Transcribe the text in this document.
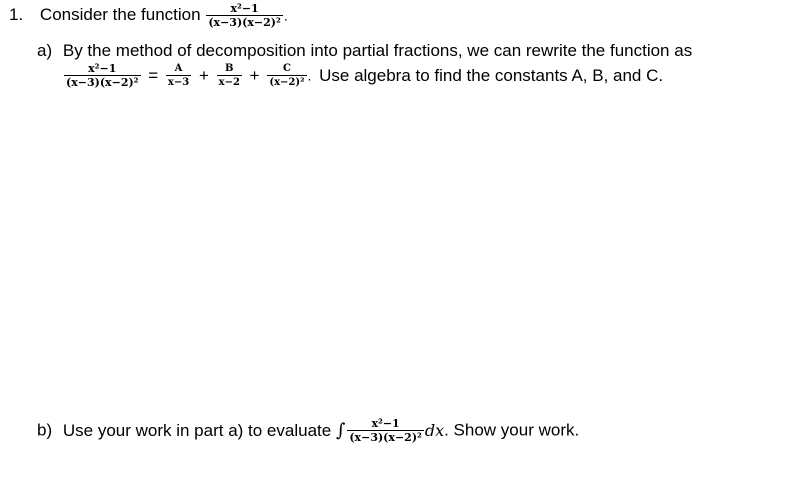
1. Consider the function $\frac{\text{x²−1}}{\text{(x−3)(x−2)²}}$ .
a) By the method of decomposition into partial fractions, we can rewrite the function as
$\frac{\text{x²−1}}{\text{(x−3)(x−2)²}} = \frac{A}{x-3} + \frac{B}{x-2} + \frac{C}{\text{(x−2)²}}$ . Use algebra to find the constants A, B, and C.
b) Use your work in part a) to evaluate ∫ $\frac{\text{x²−1}}{\text{(x−3)(x−2)²}}$ dx. Show your work.
